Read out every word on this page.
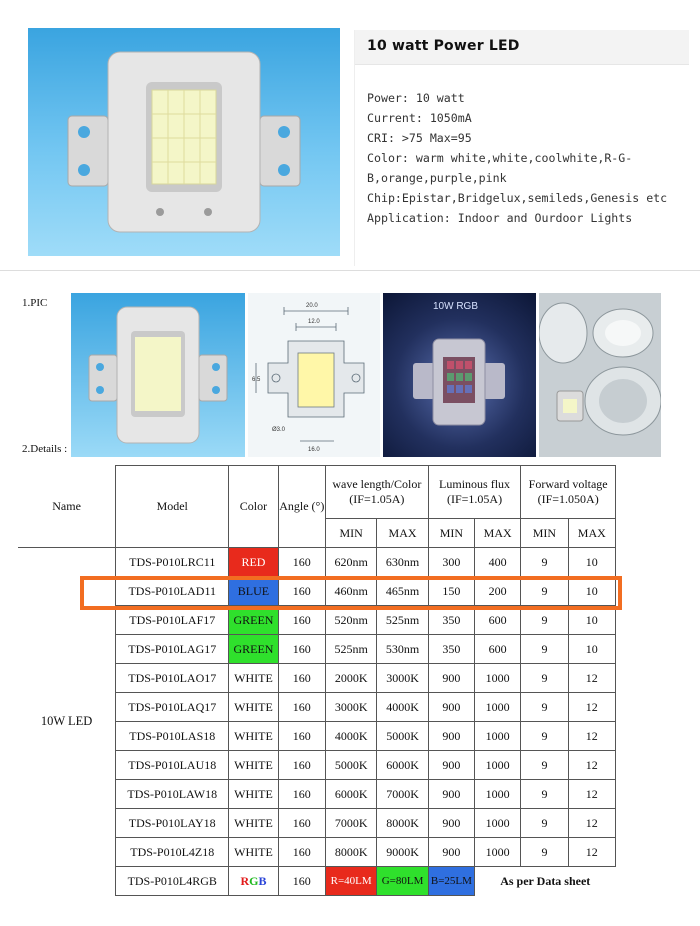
10 watt Power LED
Power: 10 watt
Current: 1050mA
CRI: >75 Max=95
Color: warm white,white,coolwhite,R-G-B,orange,purple,pink
Chip:Epistar,Bridgelux,semileds,Genesis etc
Application: Indoor and Ourdoor Lights
1.PIC
2.Details :
20.0
12.0
6.5
Ø3.0
16.0
10W RGB
Name	Model	Color	Angle (°)	wave length/Color (IF=1.05A)		Luminous flux (IF=1.05A)		Forward voltage (IF=1.050A)	
				MIN	MAX	MIN	MAX	MIN	MAX
10W LED	TDS-P010LRC11	RED	160	620nm	630nm	300	400	9	10
	TDS-P010LAD11	BLUE	160	460nm	465nm	150	200	9	10
	TDS-P010LAF17	GREEN	160	520nm	525nm	350	600	9	10
	TDS-P010LAG17	GREEN	160	525nm	530nm	350	600	9	10
	TDS-P010LAO17	WHITE	160	2000K	3000K	900	1000	9	12
	TDS-P010LAQ17	WHITE	160	3000K	4000K	900	1000	9	12
	TDS-P010LAS18	WHITE	160	4000K	5000K	900	1000	9	12
	TDS-P010LAU18	WHITE	160	5000K	6000K	900	1000	9	12
	TDS-P010LAW18	WHITE	160	6000K	7000K	900	1000	9	12
	TDS-P010LAY18	WHITE	160	7000K	8000K	900	1000	9	12
	TDS-P010L4Z18	WHITE	160	8000K	9000K	900	1000	9	12
	TDS-P010L4RGB	RGB	160	R=40LM	G=80LM	B=25LM	As per Data sheet		
